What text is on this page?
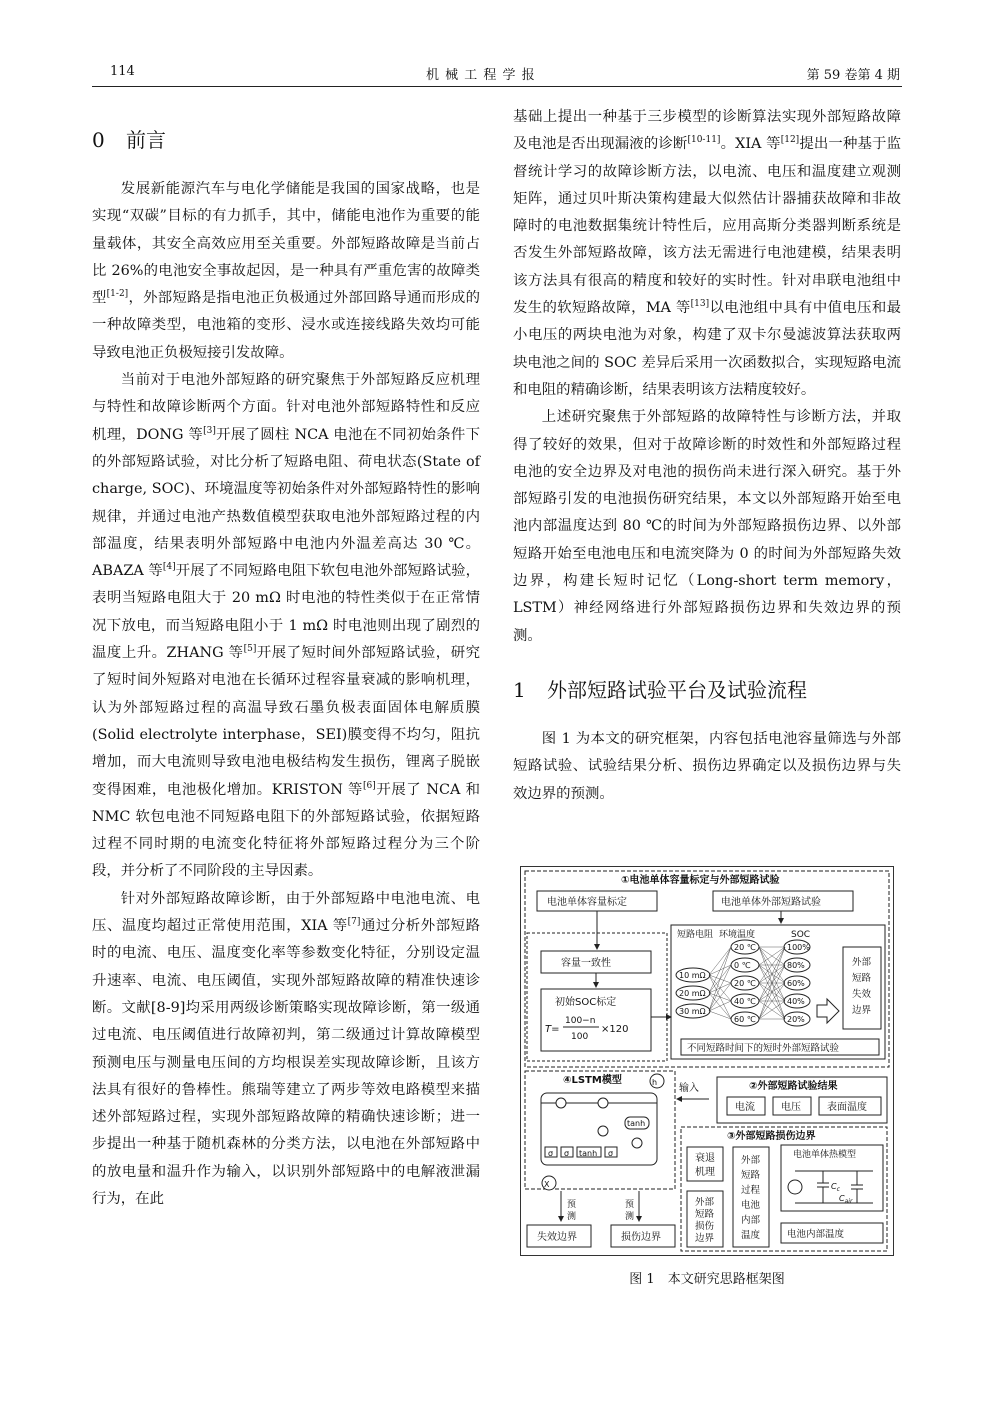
114	机 械 工 程 学 报	第 59 卷第 4 期
0 前言

发展新能源汽车与电化学储能是我国的国家战略，也是实现“双碳”目标的有力抓手，其中，储能电池作为重要的能量载体，其安全高效应用至关重要。外部短路故障是当前占比 26%的电池安全事故起因，是一种具有严重危害的故障类型[1-2]，外部短路是指电池正负极通过外部回路导通而形成的一种故障类型，电池箱的变形、浸水或连接线路失效均可能导致电池正负极短接引发故障。

当前对于电池外部短路的研究聚焦于外部短路反应机理与特性和故障诊断两个方面。针对电池外部短路特性和反应机理，DONG 等[3]开展了圆柱 NCA 电池在不同初始条件下的外部短路试验，对比分析了短路电阻、荷电状态(State of charge, SOC)、环境温度等初始条件对外部短路特性的影响规律，并通过电池产热数值模型获取电池外部短路过程的内部温度，结果表明外部短路中电池内外温差高达 30 ℃。ABAZA 等[4]开展了不同短路电阻下软包电池外部短路试验，表明当短路电阻大于 20 mΩ 时电池的特性类似于在正常情况下放电，而当短路电阻小于 1 mΩ 时电池则出现了剧烈的温度上升。ZHANG 等[5]开展了短时间外部短路试验，研究了短时间外短路对电池在长循环过程容量衰减的影响机理，认为外部短路过程的高温导致石墨负极表面固体电解质膜(Solid electrolyte interphase，SEI)膜变得不均匀，阻抗增加，而大电流则导致电池电极结构发生损伤，锂离子脱嵌变得困难，电池极化增加。KRISTON 等[6]开展了 NCA 和 NMC 软包电池不同短路电阻下的外部短路试验，依据短路过程不同时期的电流变化特征将外部短路过程分为三个阶段，并分析了不同阶段的主导因素。

针对外部短路故障诊断，由于外部短路中电池电流、电压、温度均超过正常使用范围，XIA 等[7]通过分析外部短路时的电流、电压、温度变化率等参数变化特征，分别设定温升速率、电流、电压阈值，实现外部短路故障的精准快速诊断。文献[8-9]均采用两级诊断策略实现故障诊断，第一级通过电流、电压阈值进行故障初判，第二级通过计算故障模型预测电压与测量电压间的方均根误差实现故障诊断，且该方法具有很好的鲁棒性。熊瑞等建立了两步等效电路模型来描述外部短路过程，实现外部短路故障的精确快速诊断；进一步提出一种基于随机森林的分类方法，以电池在外部短路中的放电量和温升作为输入，以识别外部短路中的电解液泄漏行为，在此

基础上提出一种基于三步模型的诊断算法实现外部短路故障及电池是否出现漏液的诊断[10-11]。XIA 等[12]提出一种基于监督统计学习的故障诊断方法，以电流、电压和温度建立观测矩阵，通过贝叶斯决策构建最大似然估计器捕获故障和非故障时的电池数据集统计特性后，应用高斯分类器判断系统是否发生外部短路故障，该方法无需进行电池建模，结果表明该方法具有很高的精度和较好的实时性。针对串联电池组中发生的软短路故障，MA 等[13]以电池组中具有中值电压和最小电压的两块电池为对象，构建了双卡尔曼滤波算法获取两块电池之间的 SOC 差异后采用一次函数拟合，实现短路电流和电阻的精确诊断，结果表明该方法精度较好。

上述研究聚焦于外部短路的故障特性与诊断方法，并取得了较好的效果，但对于故障诊断的时效性和外部短路过程电池的安全边界及对电池的损伤尚未进行深入研究。基于外部短路引发的电池损伤研究结果，本文以外部短路开始至电池内部温度达到 80 ℃的时间为外部短路损伤边界、以外部短路开始至电池电压和电流突降为 0 的时间为外部短路失效边界，构建长短时记忆（Long-short term memory，LSTM）神经网络进行外部短路损伤边界和失效边界的预测。

1 外部短路试验平台及试验流程

图 1 为本文的研究框架，内容包括电池容量筛选与外部短路试验、试验结果分析、损伤边界确定以及损伤边界与失效边界的预测。

①电池单体容量标定与外部短路试验
电池单体容量标定	电池单体外部短路试验
容量一致性
初始SOC标定
T=
100−n
100
×120
短路电阻 环境温度	SOC
10 mΩ
20 mΩ
30 mΩ
20 ℃
0 ℃
20 ℃
40 ℃
60 ℃
100%
80%
60%
40%
20%
外部
短路
失效
边界
不同短路时间下的短时外部短路试验
④LSTM模型	h
tanh
σ σ tanh σ
X
输入	②外部短路试验结果
电流	电压	表面温度
③外部短路损伤边界
衰退
机理
外部
短路
损伤
边界
外部
短路
过程
电池
内部
温度
电池单体热模型
$C_c$
$C_{air}$
电池内部温度
预
测
预
测
失效边界	损伤边界
图 1　本文研究思路框架图
